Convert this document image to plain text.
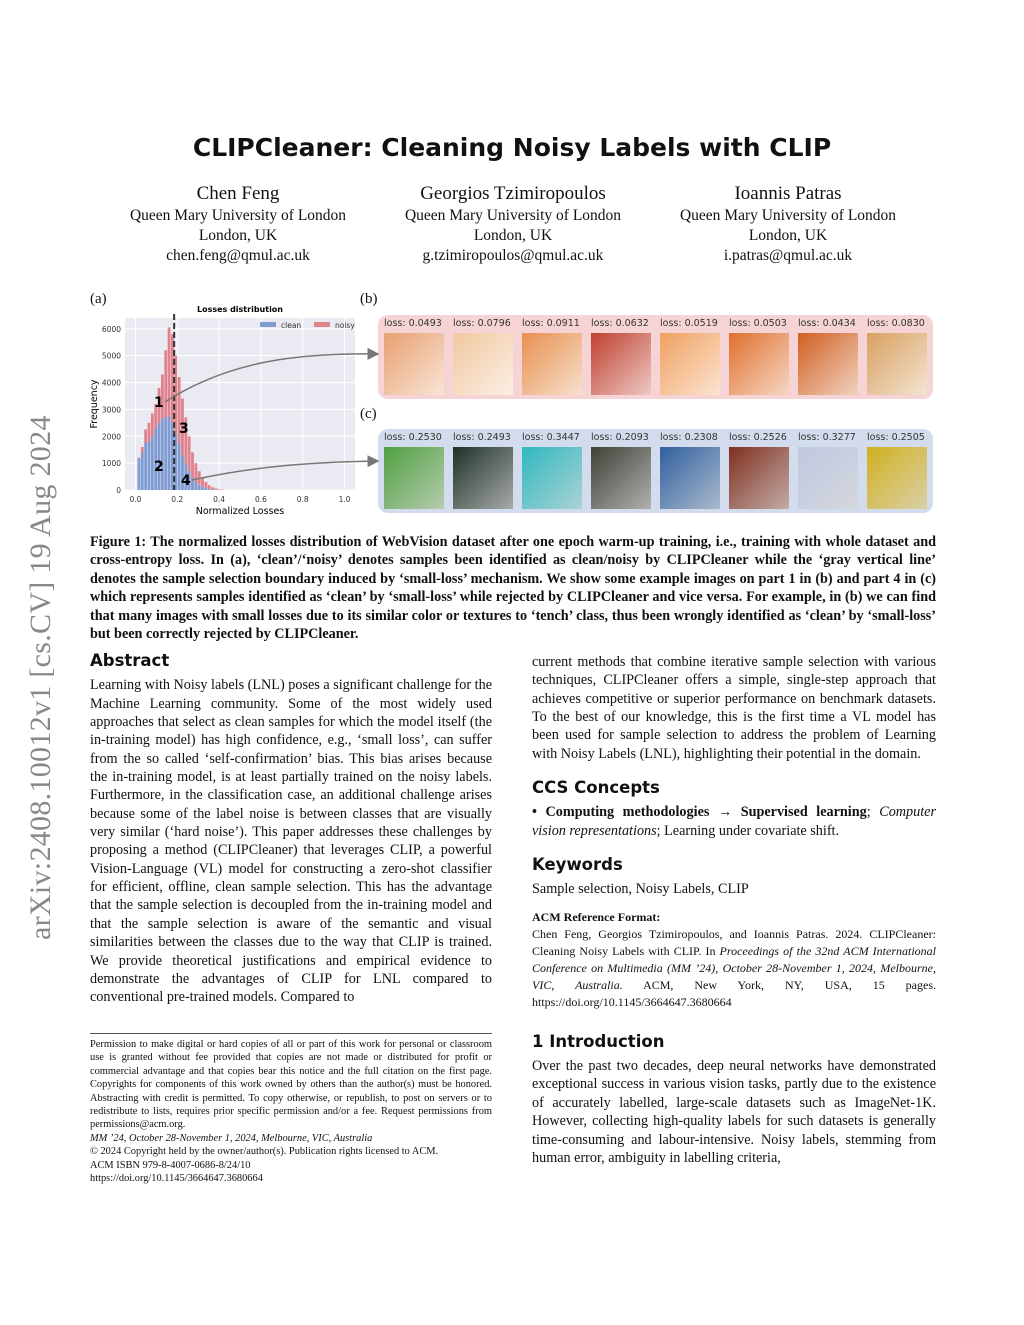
CLIPCleaner: Cleaning Noisy Labels with CLIP
Chen Feng
Queen Mary University of London
London, UK
chen.feng@qmul.ac.uk
Georgios Tzimiropoulos
Queen Mary University of London
London, UK
g.tzimiropoulos@qmul.ac.uk
Ioannis Patras
Queen Mary University of London
London, UK
i.patras@qmul.ac.uk
arXiv:2408.10012v1 [cs.CV] 19 Aug 2024
(a)	(b)
(c)
0
1000
2000
3000
4000
5000
6000
0.0	0.2	0.4	0.6	0.8	1.0
Losses distribution
Normalized Losses
Frequency
clean	noisy
1
2
3
4
loss: 0.0493	loss: 0.0796	loss: 0.0911	loss: 0.0632	loss: 0.0519	loss: 0.0503	loss: 0.0434	loss: 0.0830
loss: 0.2530	loss: 0.2493	loss: 0.3447	loss: 0.2093	loss: 0.2308	loss: 0.2526	loss: 0.3277	loss: 0.2505
Figure 1: The normalized losses distribution of WebVision dataset after one epoch warm-up training, i.e., training with whole dataset and cross-entropy loss. In (a), ‘clean’/‘noisy’ denotes samples been identified as clean/noisy by CLIPCleaner while the ‘gray vertical line’ denotes the sample selection boundary induced by ‘small-loss’ mechanism. We show some example images on part 1 in (b) and part 4 in (c) which represents samples identified as ‘clean’ by ‘small-loss’ while rejected by CLIPCleaner and vice versa. For example, in (b) we can find that many images with small losses due to its similar color or textures to ‘tench’ class, thus been wrongly identified as ‘clean’ by ‘small-loss’ but been correctly rejected by CLIPCleaner.
Abstract

Learning with Noisy labels (LNL) poses a significant challenge for the Machine Learning community. Some of the most widely used approaches that select as clean samples for which the model itself (the in-training model) has high confidence, e.g., ‘small loss’, can suffer from the so called ‘self-confirmation’ bias. This bias arises because the in-training model, is at least partially trained on the noisy labels. Furthermore, in the classification case, an additional challenge arises because some of the label noise is between classes that are visually very similar (‘hard noise’). This paper addresses these challenges by proposing a method (CLIPCleaner) that leverages CLIP, a powerful Vision-Language (VL) model for constructing a zero-shot classifier for efficient, offline, clean sample selection. This has the advantage that the sample selection is decoupled from the in-training model and that the sample selection is aware of the semantic and visual similarities between the classes due to the way that CLIP is trained. We provide theoretical justifications and empirical evidence to demonstrate the advantages of CLIP for LNL compared to conventional pre-trained models. Compared to

Permission to make digital or hard copies of all or part of this work for personal or classroom use is granted without fee provided that copies are not made or distributed for profit or commercial advantage and that copies bear this notice and the full citation on the first page. Copyrights for components of this work owned by others than the author(s) must be honored. Abstracting with credit is permitted. To copy otherwise, or republish, to post on servers or to redistribute to lists, requires prior specific permission and/or a fee. Request permissions from permissions@acm.org.

MM ’24, October 28-November 1, 2024, Melbourne, VIC, Australia

© 2024 Copyright held by the owner/author(s). Publication rights licensed to ACM.

ACM ISBN 979-8-4007-0686-8/24/10

https://doi.org/10.1145/3664647.3680664

current methods that combine iterative sample selection with various techniques, CLIPCleaner offers a simple, single-step approach that achieves competitive or superior performance on benchmark datasets. To the best of our knowledge, this is the first time a VL model has been used for sample selection to address the problem of Learning with Noisy Labels (LNL), highlighting their potential in the domain.

CCS Concepts

• Computing methodologies → Supervised learning; Computer vision representations; Learning under covariate shift.

Keywords

Sample selection, Noisy Labels, CLIP

ACM Reference Format:
Chen Feng, Georgios Tzimiropoulos, and Ioannis Patras. 2024. CLIPCleaner: Cleaning Noisy Labels with CLIP. In Proceedings of the 32nd ACM International Conference on Multimedia (MM ’24), October 28-November 1, 2024, Melbourne, VIC, Australia. ACM, New York, NY, USA, 15 pages. https://doi.org/10.1145/3664647.3680664
1 Introduction

Over the past two decades, deep neural networks have demonstrated exceptional success in various vision tasks, partly due to the existence of accurately labelled, large-scale datasets such as ImageNet-1K. However, collecting high-quality labels for such datasets is generally time-consuming and labour-intensive. Noisy labels, stemming from human error, ambiguity in labelling criteria,
